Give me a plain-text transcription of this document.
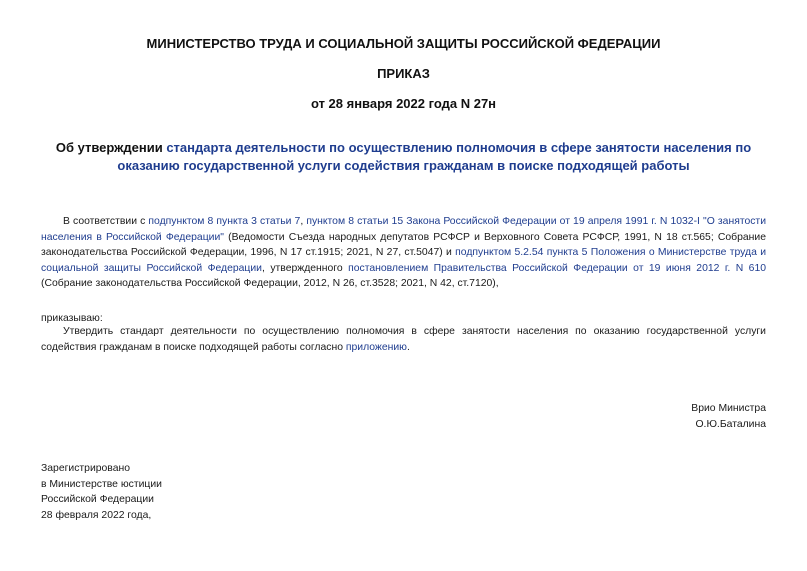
МИНИСТЕРСТВО ТРУДА И СОЦИАЛЬНОЙ ЗАЩИТЫ РОССИЙСКОЙ ФЕДЕРАЦИИ
ПРИКАЗ
от 28 января 2022 года N 27н
Об утверждении стандарта деятельности по осуществлению полномочия в сфере занятости населения по оказанию государственной услуги содействия гражданам в поиске подходящей работы
В соответствии с подпунктом 8 пункта 3 статьи 7, пунктом 8 статьи 15 Закона Российской Федерации от 19 апреля 1991 г. N 1032-I "О занятости населения в Российской Федерации" (Ведомости Съезда народных депутатов РСФСР и Верховного Совета РСФСР, 1991, N 18 ст.565; Собрание законодательства Российской Федерации, 1996, N 17 ст.1915; 2021, N 27, ст.5047) и подпунктом 5.2.54 пункта 5 Положения о Министерстве труда и социальной защиты Российской Федерации, утвержденного постановлением Правительства Российской Федерации от 19 июня 2012 г. N 610 (Собрание законодательства Российской Федерации, 2012, N 26, ст.3528; 2021, N 42, ст.7120),
приказываю:
Утвердить стандарт деятельности по осуществлению полномочия в сфере занятости населения по оказанию государственной услуги содействия гражданам в поиске подходящей работы согласно приложению.
Врио Министра
О.Ю.Баталина
Зарегистрировано
в Министерстве юстиции
Российской Федерации
28 февраля 2022 года,
